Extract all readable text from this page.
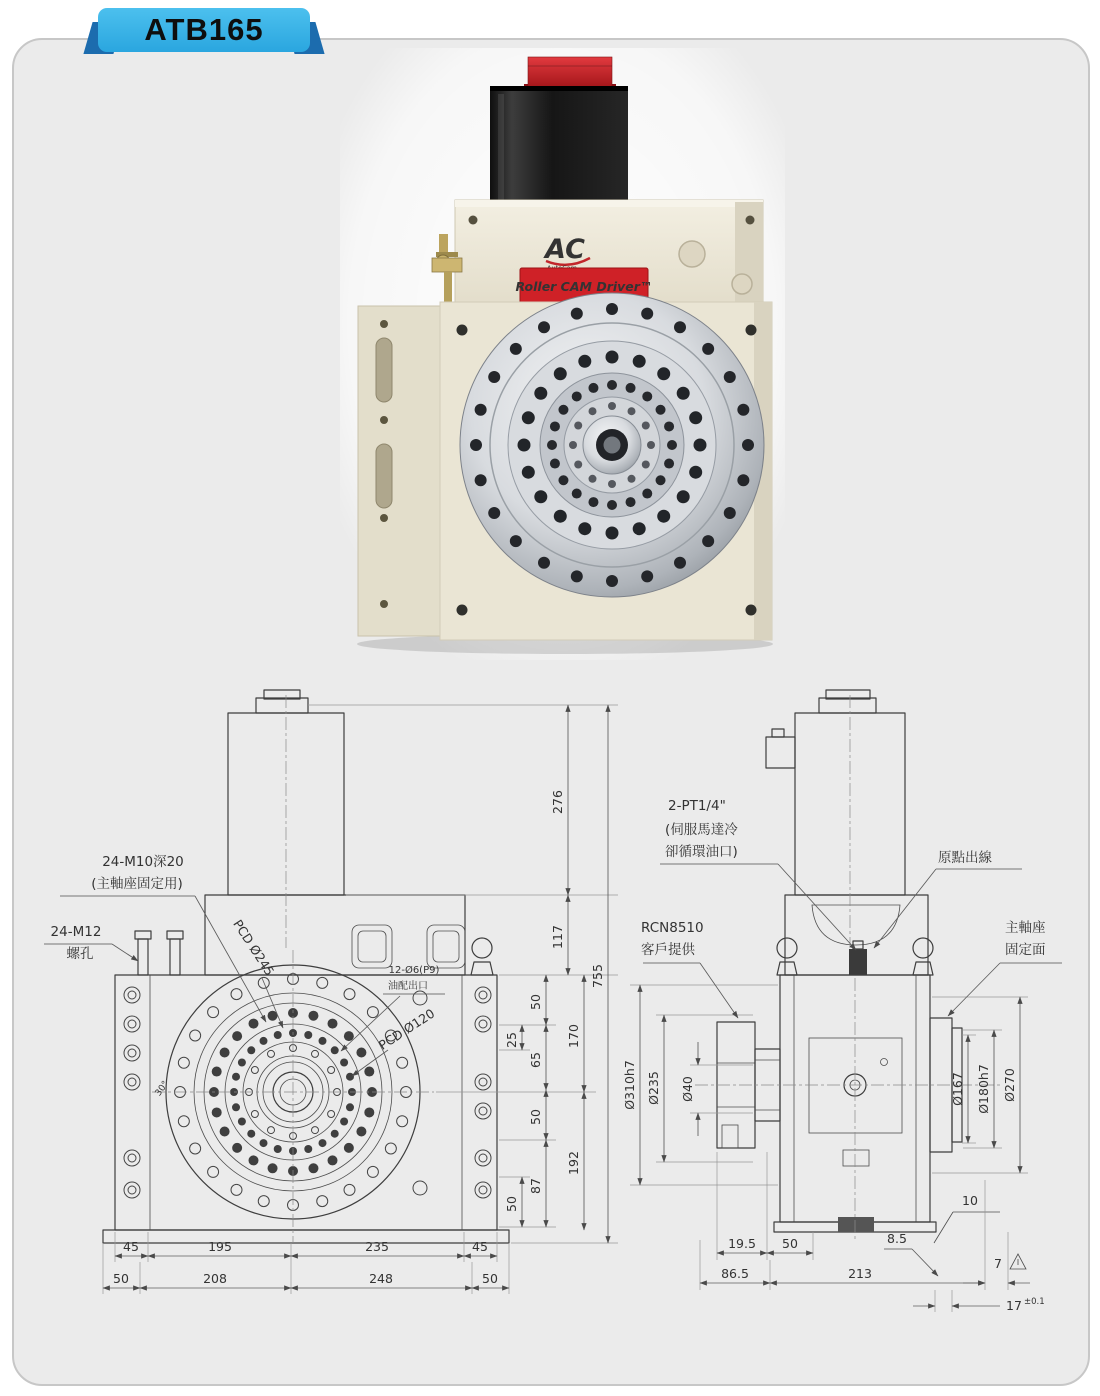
ATB165
AC
Roller CAM Driver™
50
65
50
87
25
50
170
192
276
117
755
45	195	235	45
50	208	248	50
24-M10深20
(主軸座固定用)
24-M12
螺孔	PCD Ø245
PCD Ø120
12-Ø6(P9)
油配出口
30°	Ø310h7 Ø235 Ø40	Ø167 Ø180h7 Ø270
10
19.5 50	8.5
86.5	213
7
17 ±0.1
2-PT1/4"
(伺服馬達冷
卻循環油口)	原點出線
RCN8510
客戶提供
主軸座
固定面
